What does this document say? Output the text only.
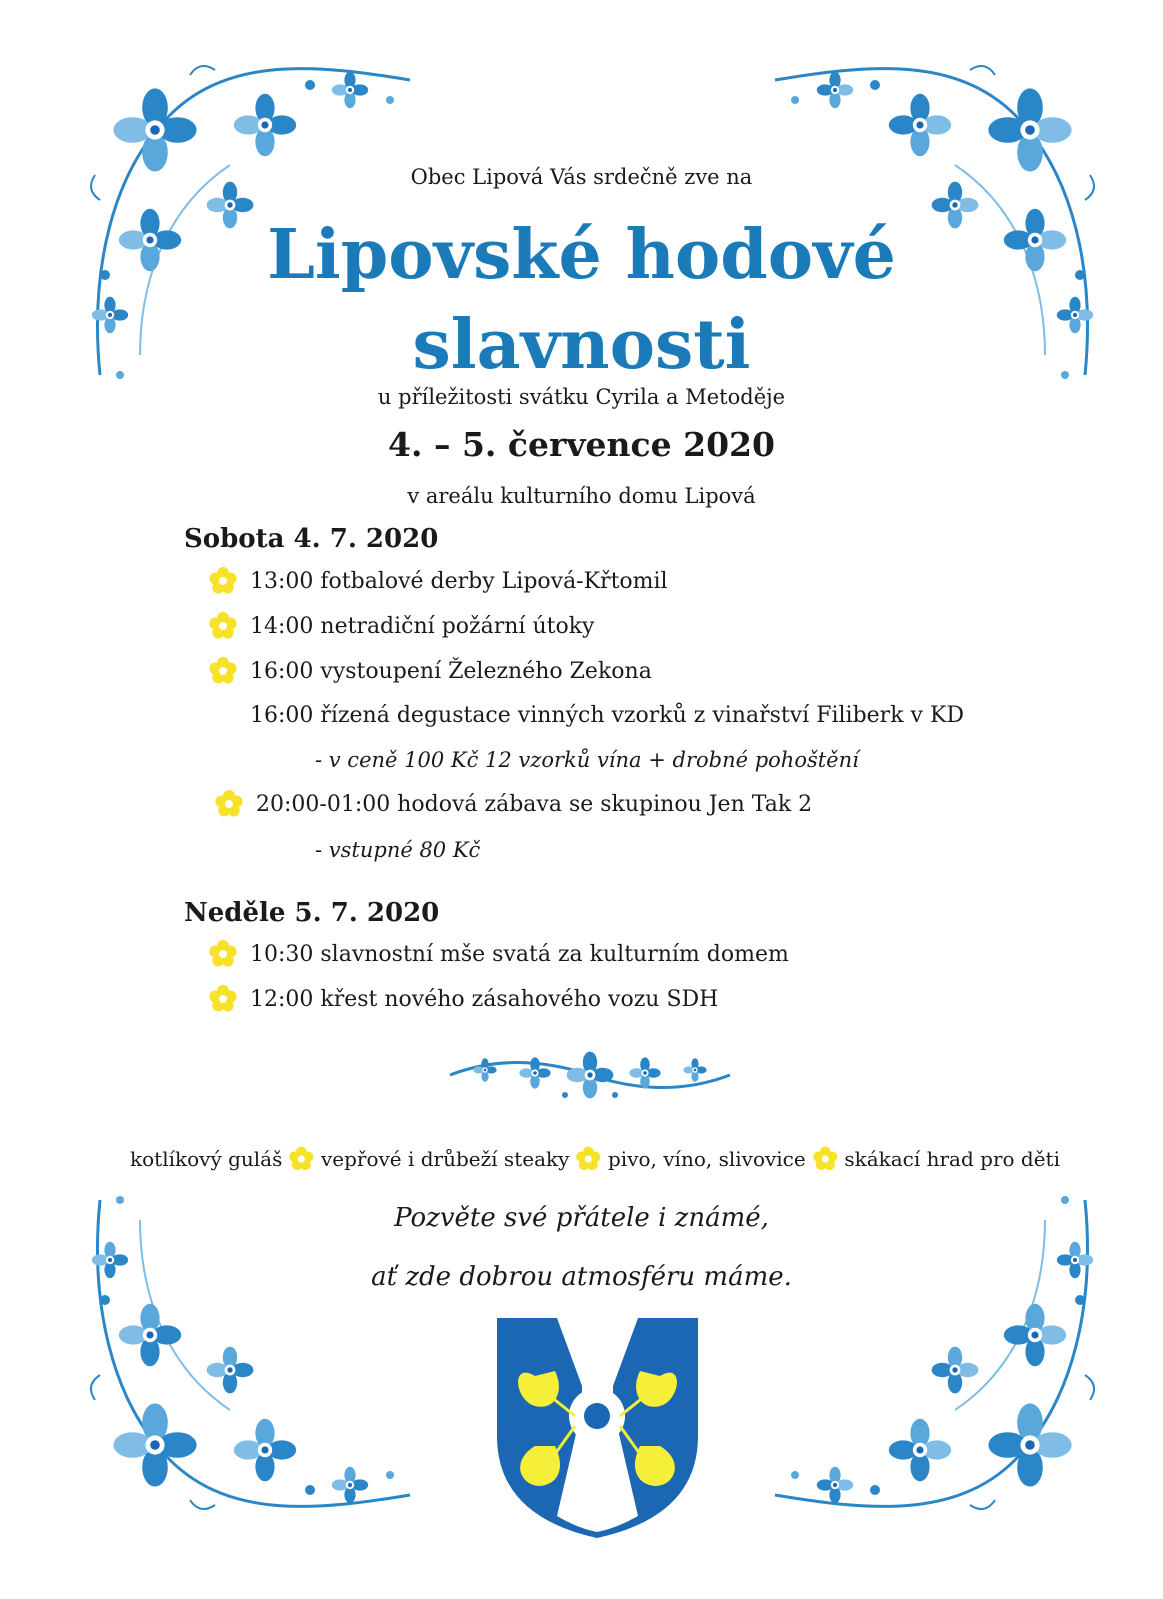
Obec Lipová Vás srdečně zve na
Lipovské hodové
slavnosti
u příležitosti svátku Cyrila a Metoděje
4. – 5. července 2020
v areálu kulturního domu Lipová
Sobota 4. 7. 2020
13:00 fotbalové derby Lipová-Křtomil
14:00 netradiční požární útoky
16:00 vystoupení Železného Zekona
16:00 řízená degustace vinných vzorků z vinařství Filiberk v KD
- v ceně 100 Kč 12 vzorků vína + drobné pohoštění
20:00-01:00 hodová zábava se skupinou Jen Tak 2
- vstupné 80 Kč
Neděle 5. 7. 2020
10:30 slavnostní mše svatá za kulturním domem
12:00 křest nového zásahového vozu SDH
kotlíkový guláš vepřové i drůbeží steaky pivo, víno, slivovice skákací hrad pro děti
Pozvěte své přátele i známé,
ať zde dobrou atmosféru máme.
